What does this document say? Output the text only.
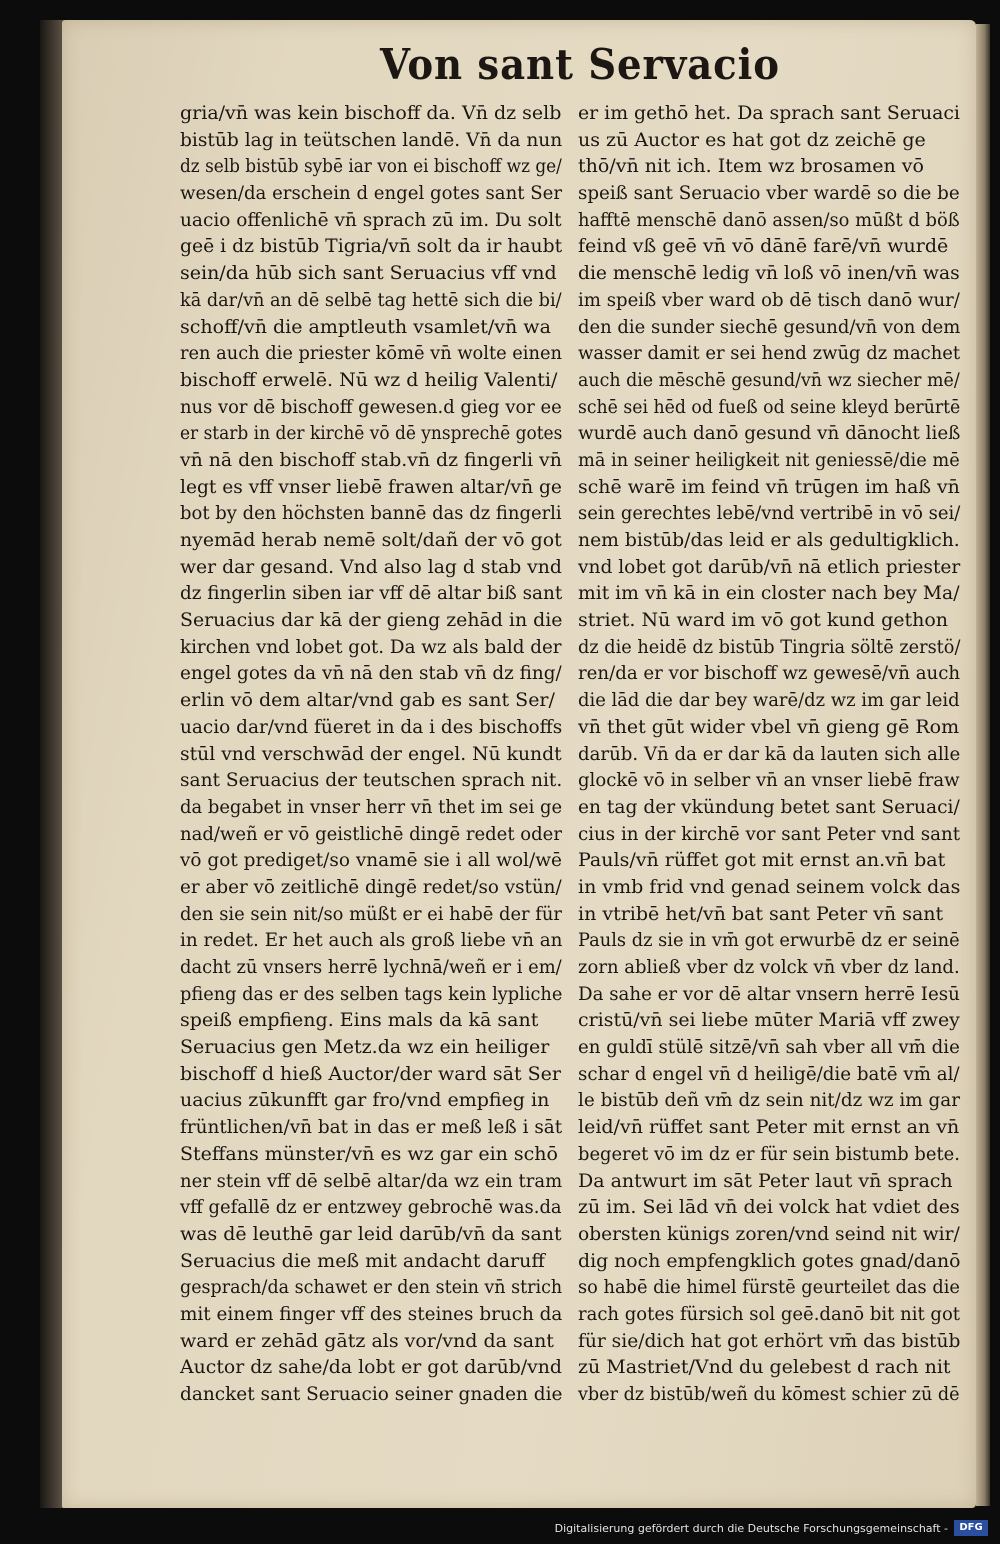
Von sant Servacio
gria/vn̄ was kein bischoff da. Vn̄ dz selb
bistūb lag in teütschen landē. Vn̄ da nun
dz selb bistūb sybē iar von ei bischoff wz ge/
wesen/da erschein d engel gotes sant Ser
uacio offenlichē vn̄ sprach zū im. Du solt
geē i dz bistūb Tigria/vn̄ solt da ir haubt
sein/da hūb sich sant Seruacius vff vnd
kā dar/vn̄ an dē selbē tag hettē sich die bi/
schoff/vn̄ die amptleuth vsamlet/vn̄ wa
ren auch die priester kōmē vn̄ wolte einen
bischoff erwelē. Nū wz d heilig Valenti/
nus vor dē bischoff gewesen.d gieg vor ee
er starb in der kirchē vō dē ynsprechē gotes
vn̄ nā den bischoff stab.vn̄ dz fingerli vn̄
legt es vff vnser liebē frawen altar/vn̄ ge
bot by den höchsten bannē das dz fingerli
nyemād herab nemē solt/dañ der vō got
wer dar gesand. Vnd also lag d stab vnd
dz fingerlin siben iar vff dē altar biß sant
Seruacius dar kā der gieng zehād in die
kirchen vnd lobet got. Da wz als bald der
engel gotes da vn̄ nā den stab vn̄ dz fing/
erlin vō dem altar/vnd gab es sant Ser/
uacio dar/vnd füeret in da i des bischoffs
stūl vnd verschwād der engel. Nū kundt
sant Seruacius der teutschen sprach nit.
da begabet in vnser herr vn̄ thet im sei ge
nad/weñ er vō geistlichē dingē redet oder
vō got prediget/so vnamē sie i all wol/wē
er aber vō zeitlichē dingē redet/so vstün/
den sie sein nit/so müßt er ei habē der für
in redet. Er het auch als groß liebe vn̄ an
dacht zū vnsers herrē lychnā/weñ er i em/
pfieng das er des selben tags kein lypliche
speiß empfieng. Eins mals da kā sant
Seruacius gen Metz.da wz ein heiliger
bischoff d hieß Auctor/der ward sāt Ser
uacius zūkunfft gar fro/vnd empfieg in
früntlichen/vn̄ bat in das er meß leß i sāt
Steffans münster/vn̄ es wz gar ein schō
ner stein vff dē selbē altar/da wz ein tram
vff gefallē dz er entzwey gebrochē was.da
was dē leuthē gar leid darūb/vn̄ da sant
Seruacius die meß mit andacht daruff
gesprach/da schawet er den stein vn̄ strich
mit einem finger vff des steines bruch da
ward er zehād gātz als vor/vnd da sant
Auctor dz sahe/da lobt er got darūb/vnd
dancket sant Seruacio seiner gnaden die
er im gethō het. Da sprach sant Seruaci
us zū Auctor es hat got dz zeichē ge
thō/vn̄ nit ich. Item wz brosamen vō
speiß sant Seruacio vber wardē so die be
hafftē menschē danō assen/so mūßt d böß
feind vß geē vn̄ vō dānē farē/vn̄ wurdē
die menschē ledig vn̄ loß vō inen/vn̄ was
im speiß vber ward ob dē tisch danō wur/
den die sunder siechē gesund/vn̄ von dem
wasser damit er sei hend zwūg dz machet
auch die mēschē gesund/vn̄ wz siecher mē/
schē sei hēd od fueß od seine kleyd berūrtē
wurdē auch danō gesund vn̄ dānocht ließ
mā in seiner heiligkeit nit geniessē/die mē
schē warē im feind vn̄ trūgen im haß vn̄
sein gerechtes lebē/vnd vertribē in vō sei/
nem bistūb/das leid er als gedultigklich.
vnd lobet got darūb/vn̄ nā etlich priester
mit im vn̄ kā in ein closter nach bey Ma/
striet. Nū ward im vō got kund gethon
dz die heidē dz bistūb Tingria söltē zerstö/
ren/da er vor bischoff wz gewesē/vn̄ auch
die lād die dar bey warē/dz wz im gar leid
vn̄ thet gūt wider vbel vn̄ gieng gē Rom
darūb. Vn̄ da er dar kā da lauten sich alle
glockē vō in selber vn̄ an vnser liebē fraw
en tag der vkündung betet sant Seruaci/
cius in der kirchē vor sant Peter vnd sant
Pauls/vn̄ rüffet got mit ernst an.vn̄ bat
in vmb frid vnd genad seinem volck das
in vtribē het/vn̄ bat sant Peter vn̄ sant
Pauls dz sie in vm̄ got erwurbē dz er seinē
zorn abließ vber dz volck vn̄ vber dz land.
Da sahe er vor dē altar vnsern herrē Iesū
cristū/vn̄ sei liebe mūter Mariā vff zwey
en guldī stülē sitzē/vn̄ sah vber all vm̄ die
schar d engel vn̄ d heiligē/die batē vm̄ al/
le bistūb deñ vm̄ dz sein nit/dz wz im gar
leid/vn̄ rüffet sant Peter mit ernst an vn̄
begeret vō im dz er für sein bistumb bete.
Da antwurt im sāt Peter laut vn̄ sprach
zū im. Sei lād vn̄ dei volck hat vdiet des
obersten künigs zoren/vnd seind nit wir/
dig noch empfengklich gotes gnad/danō
so habē die himel fürstē geurteilet das die
rach gotes fürsich sol geē.danō bit nit got
für sie/dich hat got erhört vm̄ das bistūb
zū Mastriet/Vnd du gelebest d rach nit
vber dz bistūb/weñ du kōmest schier zū dē
Digitalisierung gefördert durch die Deutsche Forschungsgemeinschaft -	DFG
